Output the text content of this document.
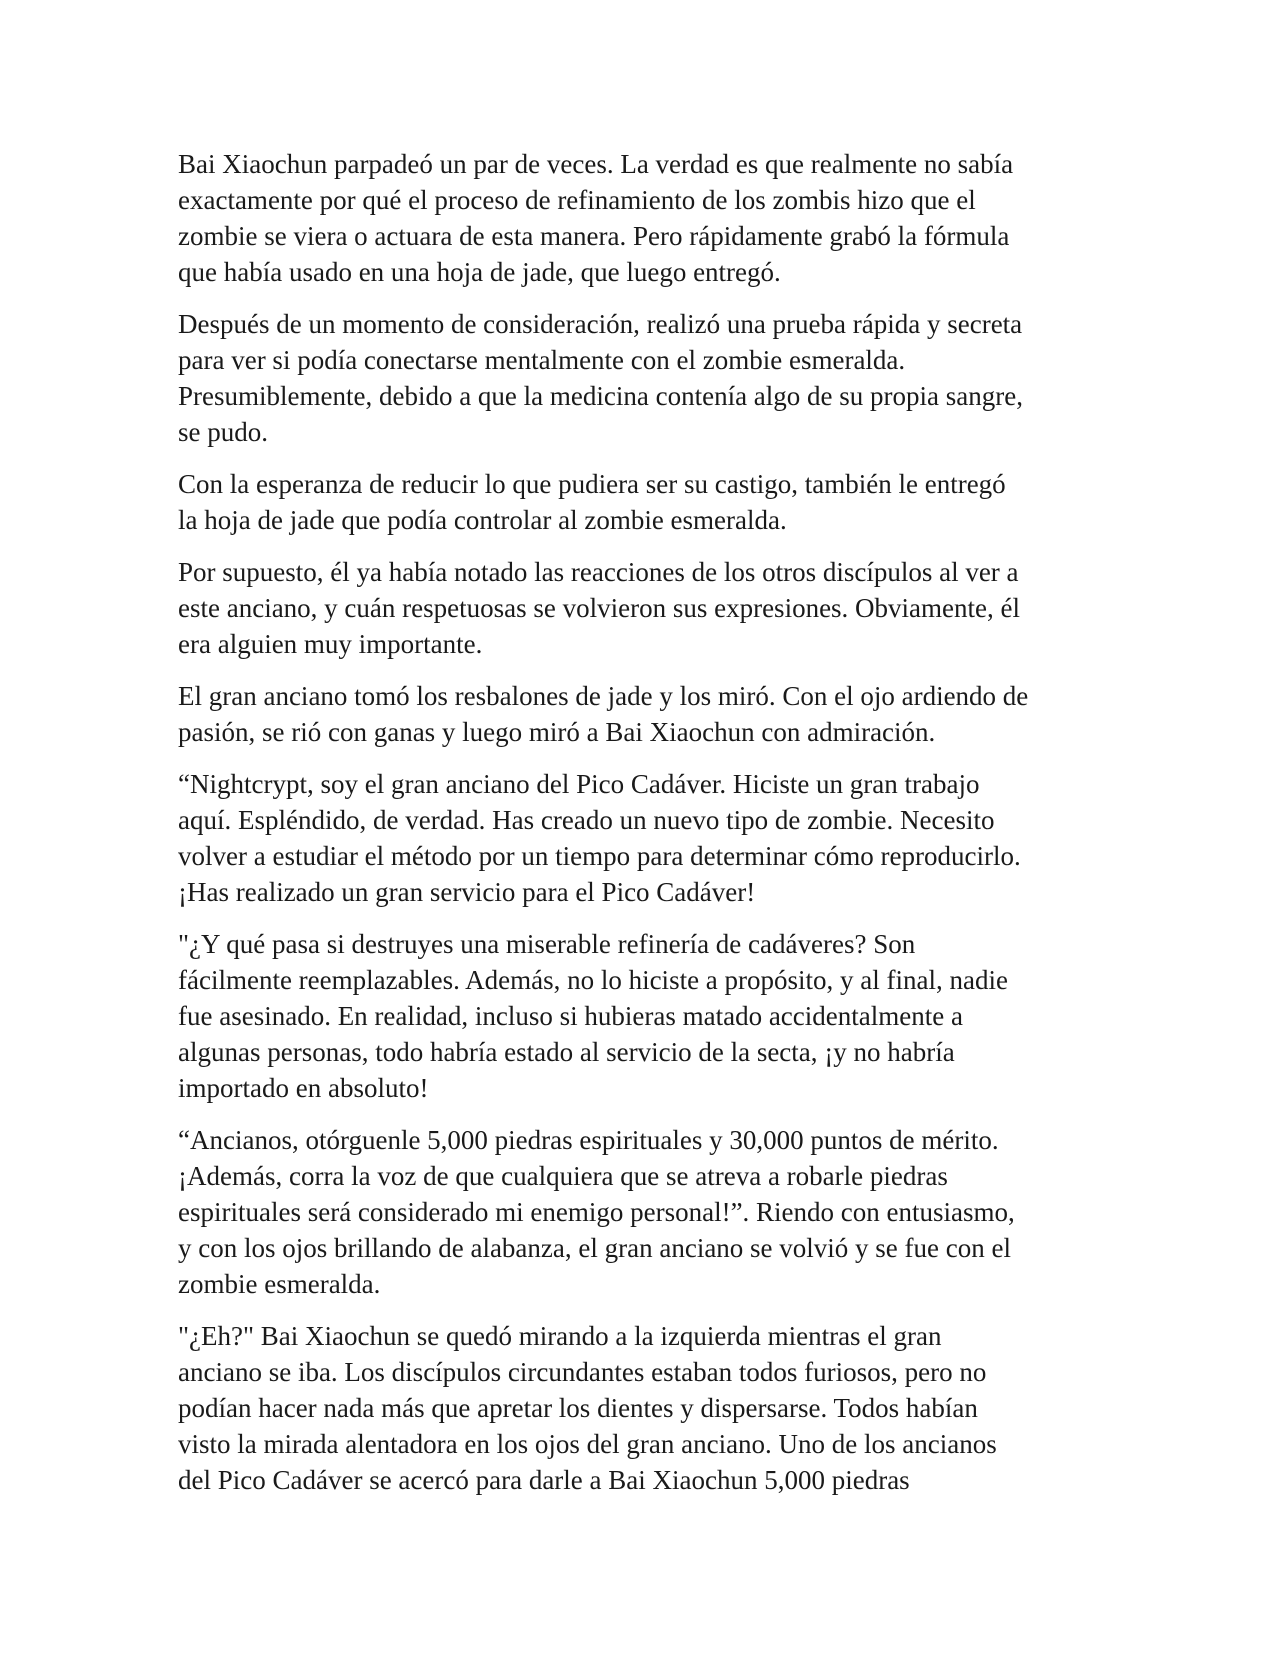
Bai Xiaochun parpadeó un par de veces. La verdad es que realmente no sabía
exactamente por qué el proceso de refinamiento de los zombis hizo que el
zombie se viera o actuara de esta manera. Pero rápidamente grabó la fórmula
que había usado en una hoja de jade, que luego entregó.

Después de un momento de consideración, realizó una prueba rápida y secreta
para ver si podía conectarse mentalmente con el zombie esmeralda.
Presumiblemente, debido a que la medicina contenía algo de su propia sangre,
se pudo.

Con la esperanza de reducir lo que pudiera ser su castigo, también le entregó
la hoja de jade que podía controlar al zombie esmeralda.

Por supuesto, él ya había notado las reacciones de los otros discípulos al ver a
este anciano, y cuán respetuosas se volvieron sus expresiones. Obviamente, él
era alguien muy importante.

El gran anciano tomó los resbalones de jade y los miró. Con el ojo ardiendo de
pasión, se rió con ganas y luego miró a Bai Xiaochun con admiración.

“Nightcrypt, soy el gran anciano del Pico Cadáver. Hiciste un gran trabajo
aquí. Espléndido, de verdad. Has creado un nuevo tipo de zombie. Necesito
volver a estudiar el método por un tiempo para determinar cómo reproducirlo.
¡Has realizado un gran servicio para el Pico Cadáver!

"¿Y qué pasa si destruyes una miserable refinería de cadáveres? Son
fácilmente reemplazables. Además, no lo hiciste a propósito, y al final, nadie
fue asesinado. En realidad, incluso si hubieras matado accidentalmente a
algunas personas, todo habría estado al servicio de la secta, ¡y no habría
importado en absoluto!

“Ancianos, otórguenle 5,000 piedras espirituales y 30,000 puntos de mérito.
¡Además, corra la voz de que cualquiera que se atreva a robarle piedras
espirituales será considerado mi enemigo personal!”. Riendo con entusiasmo,
y con los ojos brillando de alabanza, el gran anciano se volvió y se fue con el
zombie esmeralda.

"¿Eh?" Bai Xiaochun se quedó mirando a la izquierda mientras el gran
anciano se iba. Los discípulos circundantes estaban todos furiosos, pero no
podían hacer nada más que apretar los dientes y dispersarse. Todos habían
visto la mirada alentadora en los ojos del gran anciano. Uno de los ancianos
del Pico Cadáver se acercó para darle a Bai Xiaochun 5,000 piedras
